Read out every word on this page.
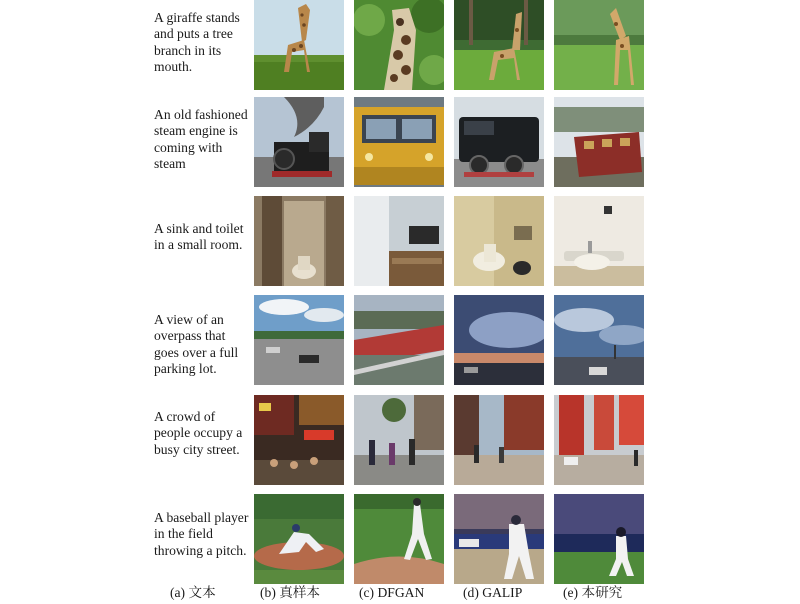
A giraffe stands and puts a tree branch in its mouth.
An old fashioned steam engine is coming with steam
A sink and toilet in a small room.
A view of an overpass that goes over a full parking lot.
A crowd of people occupy a busy city street.
A baseball player in the field throwing a pitch.
(a) 文本	(b) 真样本	(c) DFGAN	(d) GALIP	(e) 本研究
